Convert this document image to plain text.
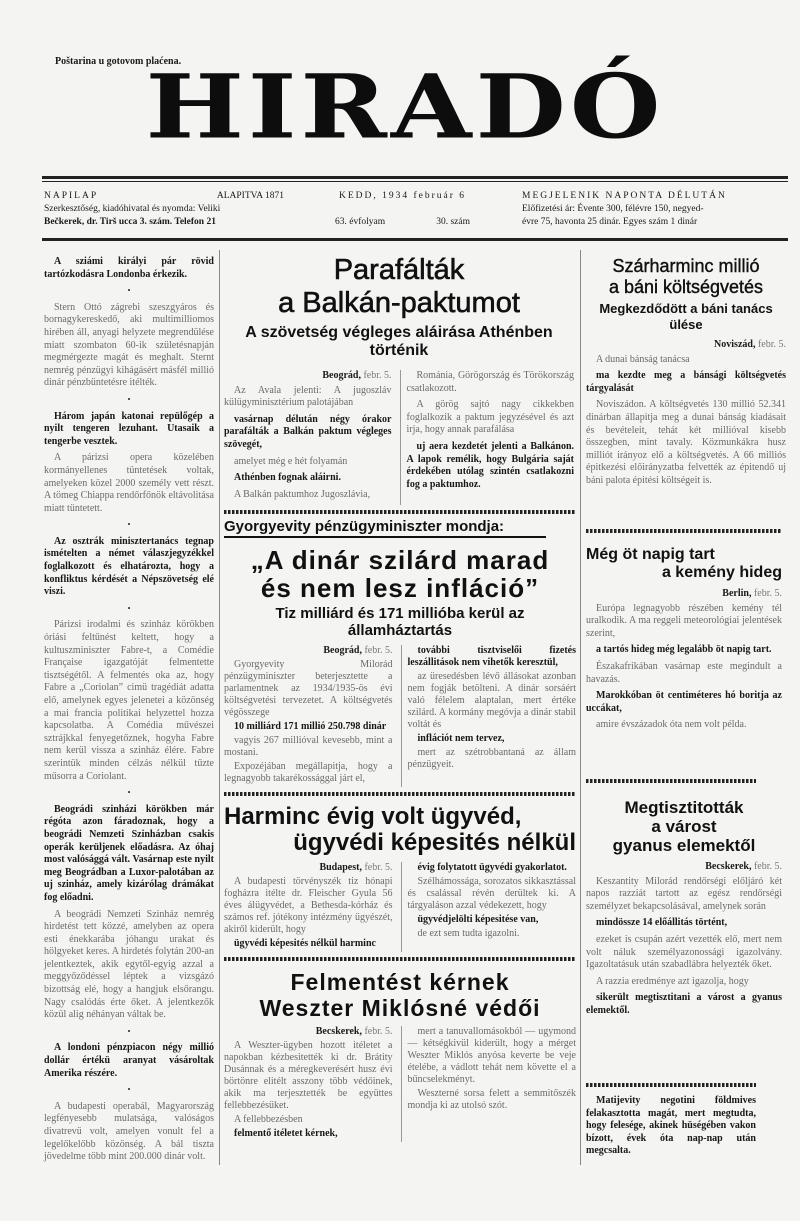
Poštarina u gotovom plaćena.
HIRADÓ
NAPILAP	ALAPITVA 1871
Szerkesztőség, kiadóhivatal és nyomda: Veliki
Bečkerek, dr. Tirš ucca 3. szám. Telefon 21
KEDD, 1934 február 6

63. évfolyam	30. szám
MEGJELENIK NAPONTA DÉLUTÁN
Előfizetési ár: Évente 300, félévre 150, negyed-
évre 75, havonta 25 dinár. Egyes szám 1 dinár

A sziámi királyi pár rövid tartózkodásra Londonba érkezik.

•

Stern Ottó zágrebi szeszgyáros és bornagykereskedő, aki multimilliomos hirében áll, anyagi helyzete megrendülése miatt szombaton 60-ik születésnapján megmérgezte magát és meghalt. Sternt nemrég pénzügyi kihágásért másfél millió dinár pénzbüntetésre itélték.

•

Három japán katonai repülőgép a nyilt tengeren lezuhant. Utasaik a tengerbe vesztek.

A párizsi opera közelében kormányellenes tüntetések voltak, amelyeken közel 2000 személy vett részt. A tömeg Chiappa rendőrfőnök eltávolitása miatt tüntetett.

•

Az osztrák minisztertanács tegnap ismételten a német válaszjegyzékkel foglalkozott és elhatározta, hogy a konfliktus kérdését a Népszövetség elé viszi.

•

Párizsi irodalmi és szinház körökben óriási feltűnést keltett, hogy a kultuszminiszter Fabre-t, a Comédie Française igazgatóját felmentette tisztségétől. A felmentés oka az, hogy Fabre a „Coriolan” cimü tragédiát adatta elő, amelynek egyes jelenetei a közönség a mai francia politikai helyzettel hozza kapcsolatba. A Comédia művészei sztrájkkal fenyegetőznek, hogyha Fabre nem kerül vissza a szinház élére. Fabre szerintük minden célzás nélkül tűzte műsorra a Coriolant.

•

Beográdi szinházi körökben már régóta azon fáradoznak, hogy a beográdi Nemzeti Szinházban csakis operák kerüljenek előadásra. Az óhaj most valósággá vált. Vasárnap este nyilt meg Beográdban a Luxor-palotában az uj szinház, amely kizárólag drámákat fog előadni.

A beográdi Nemzeti Szinház nemrég hirdetést tett közzé, amelyben az opera esti énekkarába jóhangu urakat és hölgyeket keres. A hirdetés folytán 200-an jelentkeztek, akik egytől-egyig azzal a meggyőződéssel léptek a vizsgázó bizottság elé, hogy a hangjuk elsőrangu. Nagy csalódás érte őket. A jelentkezők közül alig néhányan váltak be.

•

A londoni pénzpiacon négy millió dollár értékü aranyat vásároltak Amerika részére.

•

A budapesti operabál, Magyarország legfényesebb mulatsága, valóságos divatrevü volt, amelyen vonult fel a legelőkelőbb közönség. A bál tiszta jövedelme több mint 200.000 dinár volt.

Parafálták
a Balkán-paktumot
A szövetség végleges aláirása Athénben történik
Beográd, febr. 5.

Az Avala jelenti: A jugoszláv külügyminisztérium palotájában

vasárnap délután négy órakor parafálták a Balkán paktum végleges szövegét,

amelyet még e hét folyamán

Athénben fognak aláirni.

A Balkán paktumhoz Jugoszlávia,

Románia, Görögország és Törökország csatlakozott.

A görög sajtó nagy cikkekben foglalkozik a paktum jegyzésével és azt irja, hogy annak parafálása

uj aera kezdetét jelenti a Balkánon. A lapok remélik, hogy Bulgária saját érdekében utólag szintén csatlakozni fog a paktumhoz.

Gyorgyevity pénzügyminiszter mondja:
„A dinár szilárd marad
és nem lesz infláció”
Tiz milliárd és 171 millióba kerül az államháztartás
Beográd, febr. 5.

Gyorgyevity Milorád pénzügyminiszter beterjesztette a parlamentnek az 1934/1935-ös évi költségvetési tervezetet. A költségvetés végösszege

10 milliárd 171 millió 250.798 dinár

vagyis 267 millióval kevesebb, mint a mostani.

Expozéjában megállapitja, hogy a legnagyobb takarékossággal járt el,

további tisztviselői fizetés leszállitások nem vihetők keresztül,

az üresedésben lévő állásokat azonban nem fogják betölteni. A dinár sorsáért való félelem alaptalan, mert értéke szilárd. A kormány megóvja a dinár stabil voltát és

inflációt nem tervez,

mert az szétrobbantaná az állam pénzügyeit.

Harminc évig volt ügyvéd,
ügyvédi képesités nélkül
Budapest, febr. 5.

A budapesti törvényszék tiz hónapi fogházra itélte dr. Fleischer Gyula 56 éves álügyvédet, a Bethesda-kórház és számos ref. jótékony intézmény ügyészét, akiről kiderült, hogy

ügyvédi képesités nélkül harminc

évig folytatott ügyvédi gyakorlatot.

Szélhámossága, sorozatos sikkasztással és csalással révén derültek ki. A tárgyaláson azzal védekezett, hogy

ügyvédjelölti képesitése van,

de ezt sem tudta igazolni.

Felmentést kérnek
Weszter Miklósné védői
Becskerek, febr. 5.

A Weszter-ügyben hozott itéletet a napokban kézbesitették ki dr. Brátity Dusánnak és a méregkeverésért husz évi börtönre elitélt asszony több védőinek, akik ma terjesztették be együttes fellebbezésüket.

A fellebbezésben

felmentő itéletet kérnek,

mert a tanuvallomásokból — ugymond — kétségkivül kiderült, hogy a mérget Weszter Miklós anyósa keverte be veje ételébe, a vádlott tehát nem követte el a bűncselekményt.

Weszterné sorsa felett a semmitőszék mondja ki az utolsó szót.

Szárharminc millió
a báni költségvetés
Megkezdődött a báni tanács ülése
Noviszád, febr. 5.

A dunai bánság tanácsa

ma kezdte meg a bánsági költségvetés tárgyalását

Noviszádon. A költségvetés 130 millió 52.341 dinárban állapitja meg a dunai bánság kiadásait és bevételeit, tehát két millióval kisebb összegben, mint tavaly. Közmunkákra husz milliót irányoz elő a költségvetés. A 66 milliós épitkezési előirányzatba felvették az épitendő uj báni palota épitési költségeit is.

Még öt napig tart
a kemény hideg
Berlin, febr. 5.

Európa legnagyobb részében kemény tél uralkodik. A ma reggeli meteorológiai jelentések szerint,

a tartós hideg még legalább öt napig tart.

Északafrikában vasárnap este megindult a havazás.

Marokkóban öt centiméteres hó boritja az uccákat,

amire évszázadok óta nem volt példa.

Megtisztitották
a várost
gyanus elemektől
Becskerek, febr. 5.

Keszantity Milorád rendőrségi előljáró két napos razziát tartott az egész rendőrségi személyzet bekapcsolásával, amelynek során

mindössze 14 előállitás történt,

ezeket is csupán azért vezették elő, mert nem volt náluk személyazonossági igazolvány. Igazoltatásuk után szabadlábra helyezték őket.

A razzia eredménye azt igazolja, hogy

sikerült megtisztitani a várost a gyanus elemektől.

Matijevity negotini földmives felakasztotta magát, mert megtudta, hogy felesége, akinek hüségében vakon bízott, évek óta nap-nap után megcsalta.
